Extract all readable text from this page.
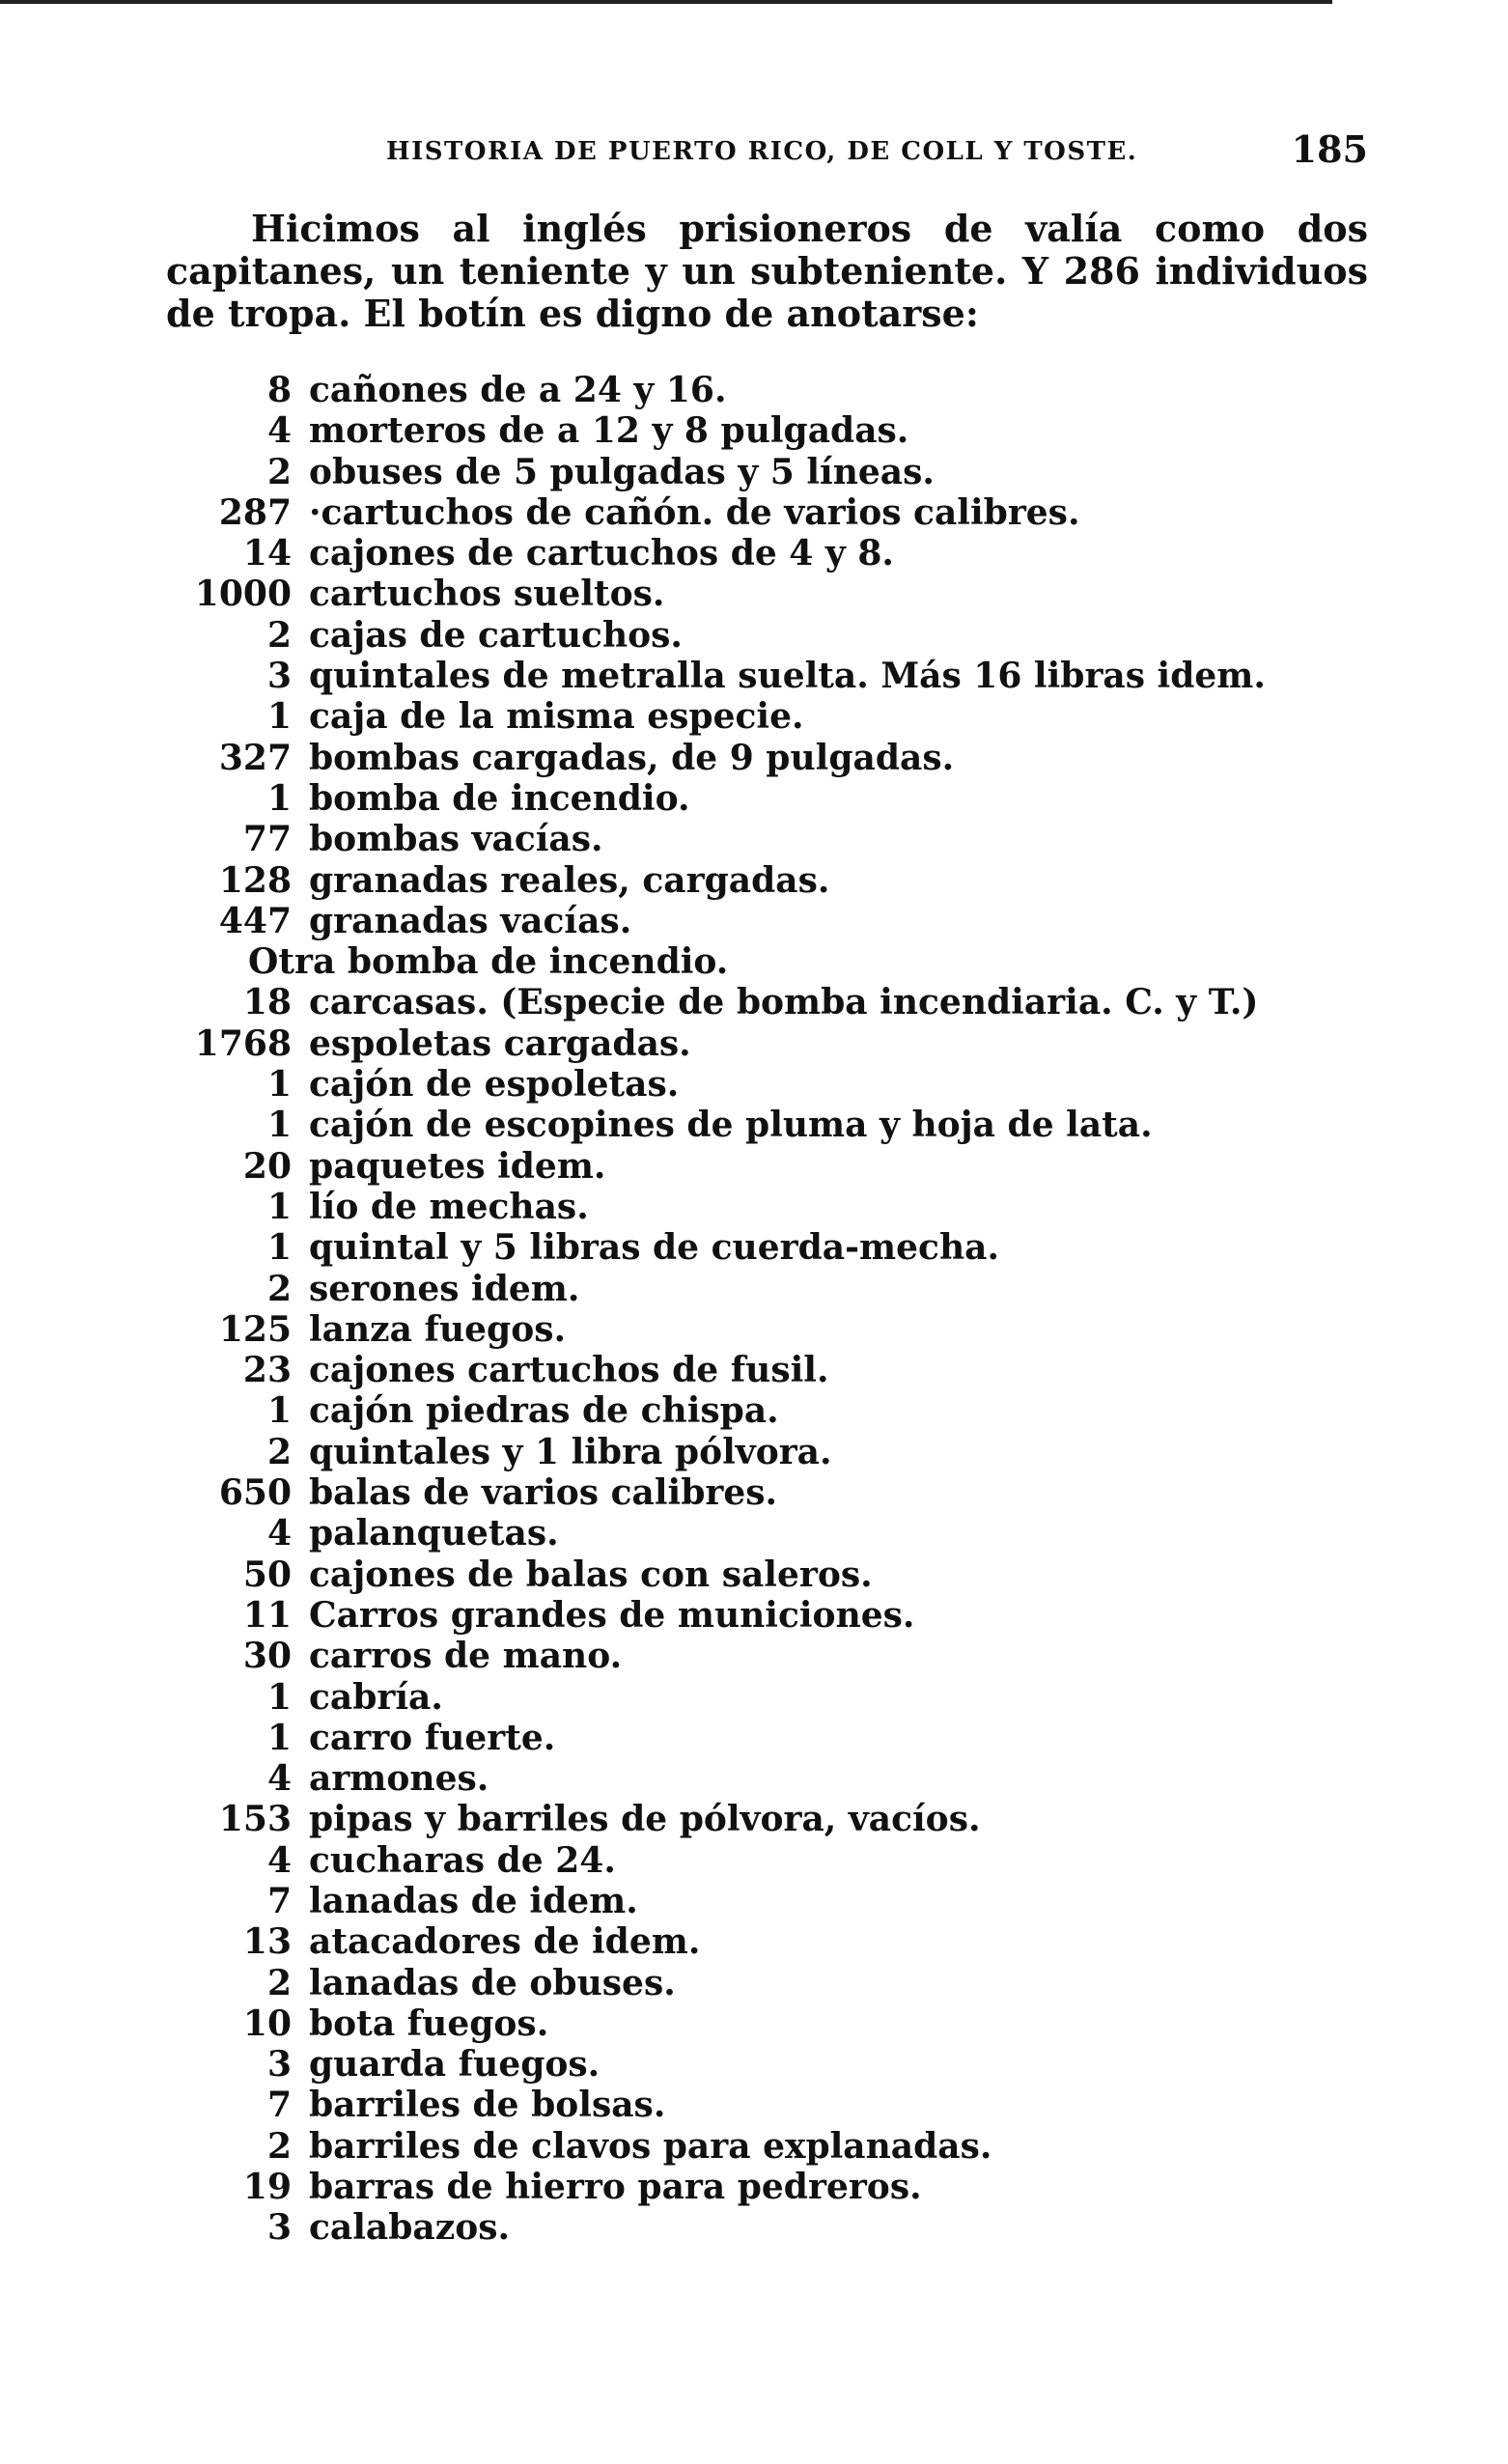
HISTORIA DE PUERTO RICO, DE COLL Y TOSTE.	185

Hicimos al inglés prisioneros de valía como dos capitanes, un teniente y un subteniente. Y 286 individuos de tropa. El botín es digno de anotarse:

8 cañones de a 24 y 16.
4 morteros de a 12 y 8 pulgadas.
2 obuses de 5 pulgadas y 5 líneas.
287 ·cartuchos de cañón. de varios calibres.
14 cajones de cartuchos de 4 y 8.
1000 cartuchos sueltos.
2 cajas de cartuchos.
3 quintales de metralla suelta. Más 16 libras idem.
1 caja de la misma especie.
327 bombas cargadas, de 9 pulgadas.
1 bomba de incendio.
77 bombas vacías.
128 granadas reales, cargadas.
447 granadas vacías.
Otra bomba de incendio.
18 carcasas. (Especie de bomba incendiaria. C. y T.)
1768 espoletas cargadas.
1 cajón de espoletas.
1 cajón de escopines de pluma y hoja de lata.
20 paquetes idem.
1 lío de mechas.
1 quintal y 5 libras de cuerda-mecha.
2 serones idem.
125 lanza fuegos.
23 cajones cartuchos de fusil.
1 cajón piedras de chispa.
2 quintales y 1 libra pólvora.
650 balas de varios calibres.
4 palanquetas.
50 cajones de balas con saleros.
11 Carros grandes de municiones.
30 carros de mano.
1 cabría.
1 carro fuerte.
4 armones.
153 pipas y barriles de pólvora, vacíos.
4 cucharas de 24.
7 lanadas de idem.
13 atacadores de idem.
2 lanadas de obuses.
10 bota fuegos.
3 guarda fuegos.
7 barriles de bolsas.
2 barriles de clavos para explanadas.
19 barras de hierro para pedreros.
3 calabazos.
